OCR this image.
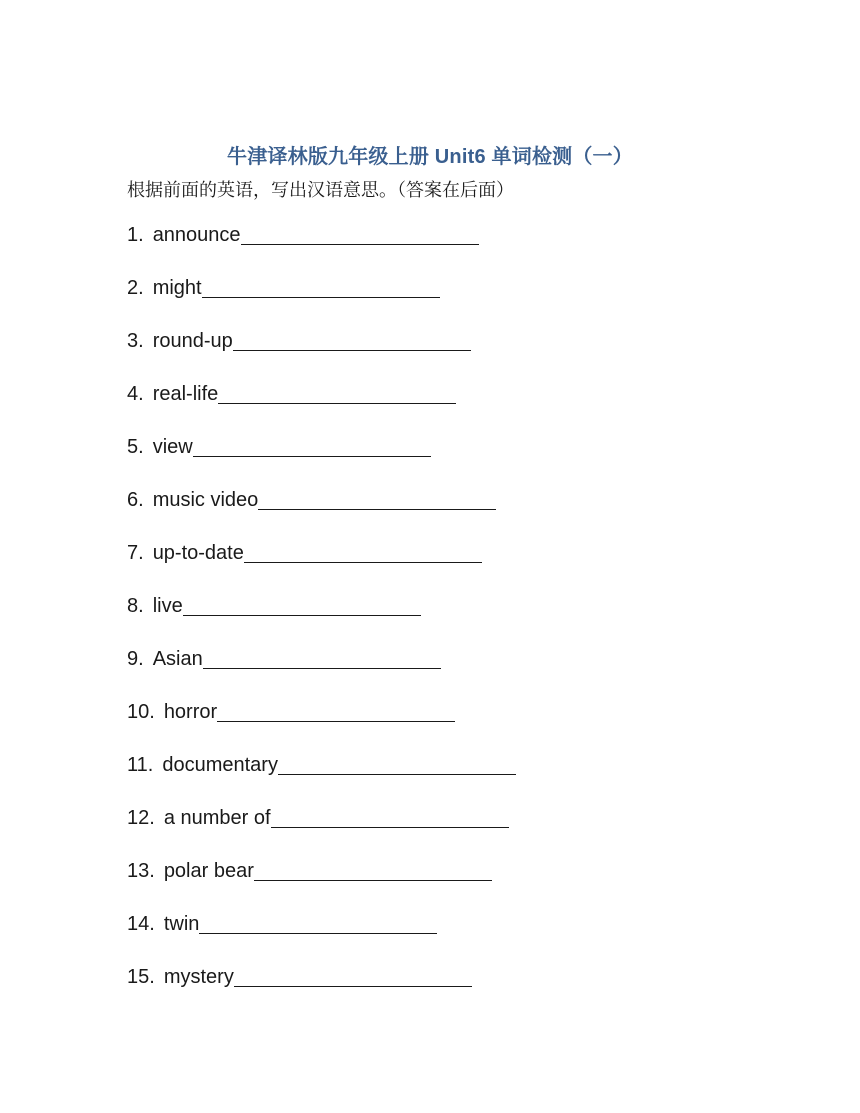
牛津译林版九年级上册 Unit6 单词检测（一）
根据前面的英语，写出汉语意思。（答案在后面）
1. announce
2. might
3. round-up
4. real-life
5. view
6. music video
7. up-to-date
8. live
9. Asian
10. horror
11. documentary
12. a number of
13. polar bear
14. twin
15. mystery
